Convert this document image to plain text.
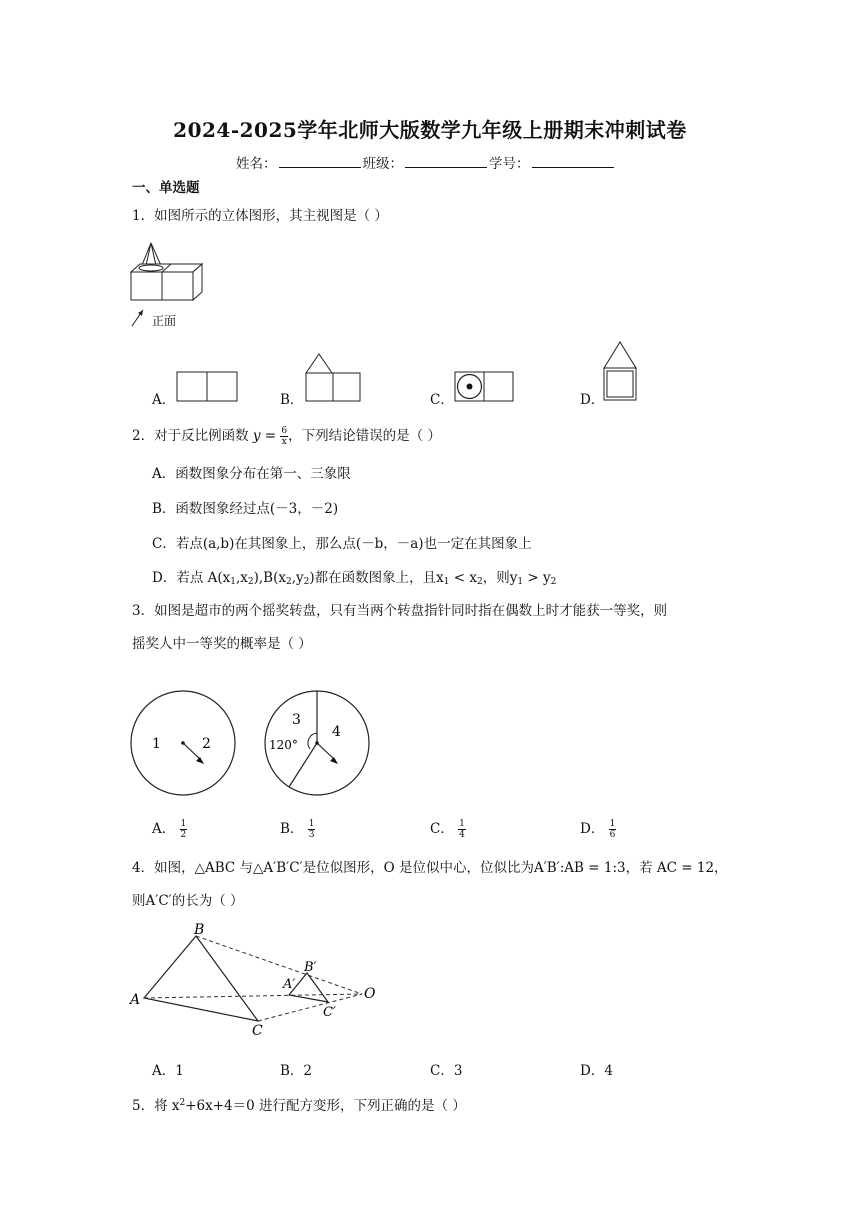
2024-2025学年北师大版数学九年级上册期末冲刺试卷
姓名：	班级：	学号：
一、单选题
1．如图所示的立体图形，其主视图是（ ）
正面
A．	B．	C．	D．
2．对于反比例函数 $y = \frac{6}{x}$ ，下列结论错误的是（ ）
A．函数图象分布在第一、三象限
B．函数图象经过点(－3，－2)
C．若点(a,b)在其图象上，那么点(－b，－a)也一定在其图象上
D．若点 $A(x_1,x_2),B(x_2,y_2)$都在函数图象上，且$x_1 < x_2$，则$y_1 > y_2$
3．如图是超市的两个摇奖转盘，只有当两个转盘指针同时指在偶数上时才能获一等奖，则
摇奖人中一等奖的概率是（ ）
1	2
3
4
120°
A． $\frac{1}{2}$	B． $\frac{1}{3}$	C． $\frac{1}{4}$	D． $\frac{1}{6}$
4．如图，△ABC 与△A′B′C′是位似图形，O 是位似中心，位似比为A′B′:AB = 1:3，若 AC = 12，
则A′C′的长为（ ）
B
A
C
O
B′
A′
C′
A．1	B．2	C．3	D．4
5．将 $x^2+6x+4=0$ 进行配方变形，下列正确的是（ ）
